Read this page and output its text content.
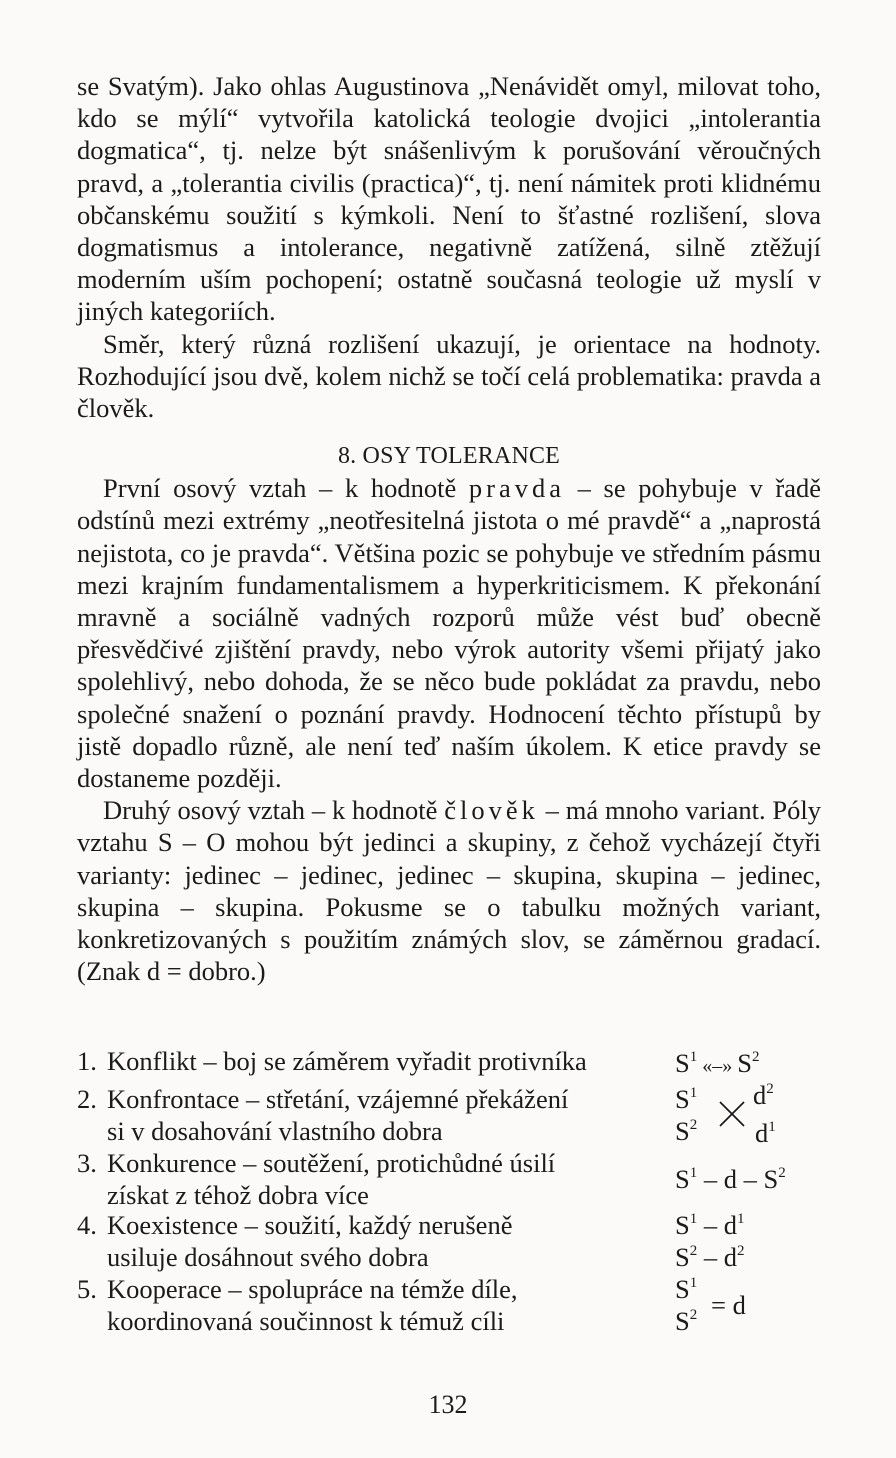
se Svatým). Jako ohlas Augustinova „Nenávidět omyl, milovat toho, kdo se mýlí“ vytvořila katolická teologie dvojici „intolerantia dogmatica“, tj. nelze být snášenlivým k porušování věroučných pravd, a „tolerantia civilis (practica)“, tj. není námitek proti klidnému občanskému soužití s kýmkoli. Není to šťastné rozlišení, slova dogmatismus a intolerance, negativně zatížená, silně ztěžují moderním uším pochopení; ostatně současná teologie už myslí v jiných kategoriích.

Směr, který různá rozlišení ukazují, je orientace na hodnoty. Rozhodující jsou dvě, kolem nichž se točí celá problematika: pravda a člověk.

8. OSY TOLERANCE

První osový vztah – k hodnotě pravda – se pohybuje v řadě odstínů mezi extrémy „neotřesitelná jistota o mé pravdě“ a „naprostá nejistota, co je pravda“. Většina pozic se pohybuje ve středním pásmu mezi krajním fundamentalismem a hyperkriticismem. K překonání mravně a sociálně vadných rozporů může vést buď obecně přesvědčivé zjištění pravdy, nebo výrok autority všemi přijatý jako spolehlivý, nebo dohoda, že se něco bude pokládat za pravdu, nebo společné snažení o poznání pravdy. Hodnocení těchto přístupů by jistě dopadlo různě, ale není teď naším úkolem. K etice pravdy se dostaneme později.

Druhý osový vztah – k hodnotě člověk – má mnoho variant. Póly vztahu S – O mohou být jedinci a skupiny, z čehož vycházejí čtyři varianty: jedinec – jedinec, jedinec – skupina, skupina – jedinec, skupina – skupina. Pokusme se o tabulku možných variant, konkretizovaných s použitím známých slov, se záměrnou gradací. (Znak d = dobro.)

1. Konflikt – boj se záměrem vyřadit protivníka	$S^1$ «–» $S^2$
2. Konfrontace – střetání, vzájemné překážení
si v dosahování vlastního dobra
$S^1$
$S^2$
$d^2$
$d^1$
3. Konkurence – soutěžení, protichůdné úsilí
získat z téhož dobra více
$S^1$ – d – $S^2$
4. Koexistence – soužití, každý nerušeně
usiluje dosáhnout svého dobra
$S^1 - d^1$
$S^2 - d^2$
5. Kooperace – spolupráce na témže díle,
koordinovaná součinnost k témuž cíli
$S^1$
$S^2 = d$
132
